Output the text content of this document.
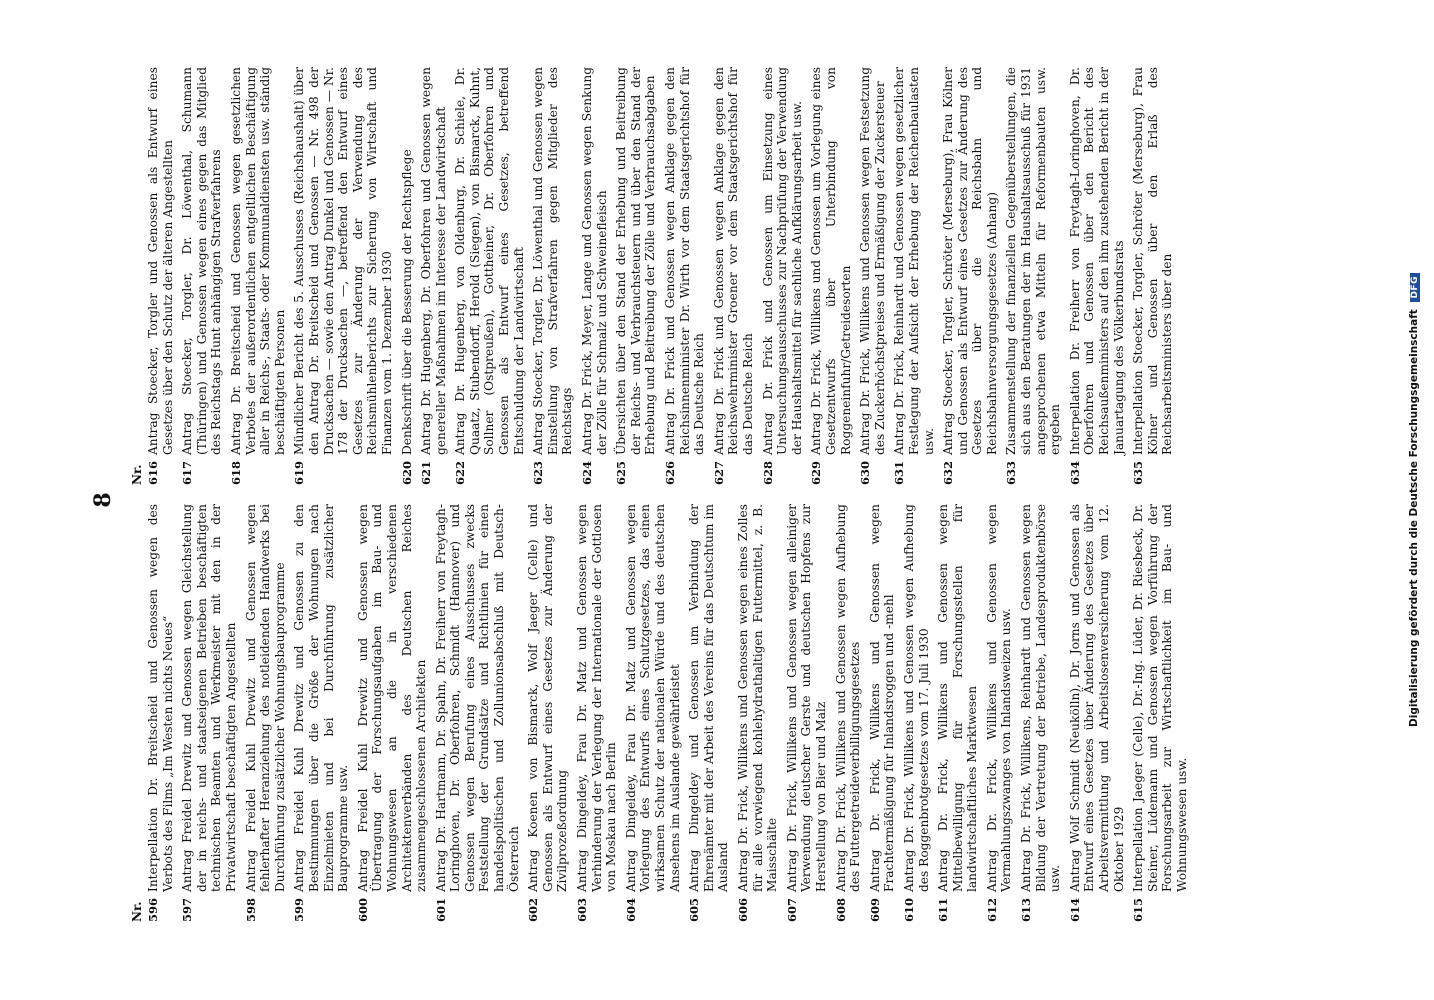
8
Nr. 596
Interpellation Dr. Breitscheid und Genossen wegen des Verbots des Films „Im Westen nichts Neues“
597
Antrag Freidel Drewitz und Genossen wegen Gleichstellung der in reichs- und staatseigenen Betrieben beschäftigten technischen Beamten und Werkmeister mit den in der Privatwirtschaft beschäftigten Angestellten
598
Antrag Freidel Kuhl Drewitz und Genossen wegen fehlerhafter Heranziehung des notleidenden Handwerks bei Durchführung zusätzlicher Wohnungsbauprogramme
599
Antrag Freidel Kuhl Drewitz und Genossen zu den Bestimmungen über die Größe der Wohnungen nach Einzelmieten und bei Durchführung zusätzlicher Bauprogramme usw.
600
Antrag Freidel Kuhl Drewitz und Genossen wegen Übertragung der Forschungsaufgaben im Bau- und Wohnungswesen an die in verschiedenen Architektenverbänden des Deutschen Reiches zusammengeschlossenen Architekten
601
Antrag Dr. Hartmann, Dr. Spahn, Dr. Freiherr von Freytagh-Loringhoven, Dr. Oberfohren, Schmidt (Hannover) und Genossen wegen Berufung eines Ausschusses zwecks Feststellung der Grundsätze und Richtlinien für einen handelspolitischen und Zollunionsabschluß mit Deutsch-Österreich
602
Antrag Koenen von Bismarck, Wolf Jaeger (Celle) und Genossen als Entwurf eines Gesetzes zur Änderung der Zivilprozeßordnung
603
Antrag Dingeldey, Frau Dr. Matz und Genossen wegen Verhinderung der Verlegung der Internationale der Gottlosen von Moskau nach Berlin
604
Antrag Dingeldey, Frau Dr. Matz und Genossen wegen Vorlegung des Entwurfs eines Schutzgesetzes, das einen wirksamen Schutz der nationalen Würde und des deutschen Ansehens im Auslande gewährleistet
605
Antrag Dingeldey und Genossen um Verbindung der Ehrenämter mit der Arbeit des Vereins für das Deutschtum im Ausland
606
Antrag Dr. Frick, Willikens und Genossen wegen eines Zolles für alle vorwiegend kohlehydrathaltigen Futtermittel, z. B. Maisschälte
607
Antrag Dr. Frick, Willikens und Genossen wegen alleiniger Verwendung deutscher Gerste und deutschen Hopfens zur Herstellung von Bier und Malz
608
Antrag Dr. Frick, Willikens und Genossen wegen Aufhebung des Futtergetreideverbilligungsgesetzes
609
Antrag Dr. Frick, Willikens und Genossen wegen Frachtermäßigung für Inlandsroggen und -mehl
610
Antrag Dr. Frick, Willikens und Genossen wegen Aufhebung des Roggenbrotgesetzes vom 17. Juli 1930
611
Antrag Dr. Frick, Willikens und Genossen wegen Mittelbewilligung für Forschungsstellen für landwirtschaftliches Marktwesen
612
Antrag Dr. Frick, Willikens und Genossen wegen Vermahlungszwanges von Inlandsweizen usw.
613
Antrag Dr. Frick, Willikens, Reinhardt und Genossen wegen Bildung der Vertretung der Betriebe, Landesproduktenbörse usw.
614
Antrag Wolf Schmidt (Neukölln), Dr. Jorns und Genossen als Entwurf eines Gesetzes über Änderung des Gesetzes über Arbeitsvermittlung und Arbeitslosenversicherung vom 12. Oktober 1929
615
Interpellation Jaeger (Celle), Dr.-Ing. Lüder, Dr. Riesbeck, Dr. Steiner, Lüdemann und Genossen wegen Vorführung der Forschungsarbeit zur Wirtschaftlichkeit im Bau- und Wohnungswesen usw.
Nr. 616
Antrag Stoecker, Torgler und Genossen als Entwurf eines Gesetzes über den Schutz der älteren Angestellten
617
Antrag Stoecker, Torgler, Dr. Löwenthal, Schumann (Thüringen) und Genossen wegen eines gegen das Mitglied des Reichstags Hunt anhängigen Strafverfahrens
618
Antrag Dr. Breitscheid und Genossen wegen gesetzlichen Verbotes der außerordentlichen entgeltlichen Beschäftigung aller in Reichs-, Staats- oder Kommunaldiensten usw. ständig beschäftigten Personen
619
Mündlicher Bericht des 5. Ausschusses (Reichshaushalt) über den Antrag Dr. Breitscheid und Genossen — Nr. 498 der Drucksachen — sowie den Antrag Dunkel und Genossen — Nr. 178 der Drucksachen —, betreffend den Entwurf eines Gesetzes zur Änderung der Verwendung des Reichsmühlenberichts zur Sicherung von Wirtschaft und Finanzen vom 1. Dezember 1930
620
Denkschrift über die Besserung der Rechtspflege
621
Antrag Dr. Hugenberg, Dr. Oberfohren und Genossen wegen genereller Maßnahmen im Interesse der Landwirtschaft
622
Antrag Dr. Hugenberg, von Oldenburg, Dr. Schiele, Dr. Quaatz, Stubendorff, Herold (Siegen), von Bismarck, Kuhnt, Sollner (Ostpreußen), Gottheiner, Dr. Oberfohren und Genossen als Entwurf eines Gesetzes, betreffend Entschuldung der Landwirtschaft
623
Antrag Stoecker, Torgler, Dr. Löwenthal und Genossen wegen Einstellung von Strafverfahren gegen Mitglieder des Reichstags
624
Antrag Dr. Frick, Meyer, Lange und Genossen wegen Senkung der Zölle für Schmalz und Schweinefleisch
625
Übersichten über den Stand der Erhebung und Beitreibung der Reichs- und Verbrauchsteuern und über den Stand der Erhebung und Beitreibung der Zölle und Verbrauchsabgaben
626
Antrag Dr. Frick und Genossen wegen Anklage gegen den Reichsinnenminister Dr. Wirth vor dem Staatsgerichtshof für das Deutsche Reich
627
Antrag Dr. Frick und Genossen wegen Anklage gegen den Reichswehrminister Groener vor dem Staatsgerichtshof für das Deutsche Reich
628
Antrag Dr. Frick und Genossen um Einsetzung eines Untersuchungsausschusses zur Nachprüfung der Verwendung der Haushaltsmittel für sachliche Aufklärungsarbeit usw.
629
Antrag Dr. Frick, Willikens und Genossen um Vorlegung eines Gesetzentwurfs über Unterbindung von Roggeneinfuhr/Getreidesorten
630
Antrag Dr. Frick, Willikens und Genossen wegen Festsetzung des Zuckerhöchstpreises und Ermäßigung der Zuckersteuer
631
Antrag Dr. Frick, Reinhardt und Genossen wegen gesetzlicher Festlegung der Aufsicht der Erhebung der Reichenbaulasten usw.
632
Antrag Stoecker, Torgler, Schröter (Merseburg), Frau Kölner und Genossen als Entwurf eines Gesetzes zur Änderung des Gesetzes über die Reichsbahn und Reichsbahnversorgungsgesetzes (Anhang)
633
Zusammenstellung der finanziellen Gegenüberstellungen, die sich aus den Beratungen der im Haushaltsausschuß für 1931 angesprochenen etwa Mitteln für Reformenbauten usw. ergeben
634
Interpellation Dr. Freiherr von Freytagh-Loringhoven, Dr. Oberfohren und Genossen über den Bericht des Reichsaußenministers auf den ihm zustehenden Bericht in der Januartagung des Völkerbundsrats
635
Interpellation Stoecker, Torgler, Schröter (Merseburg), Frau Kölner und Genossen über den Erlaß des Reichsarbeitsministers über den	Digitalisierung gefördert durch die Deutsche Forschungsgemeinschaft DFG
